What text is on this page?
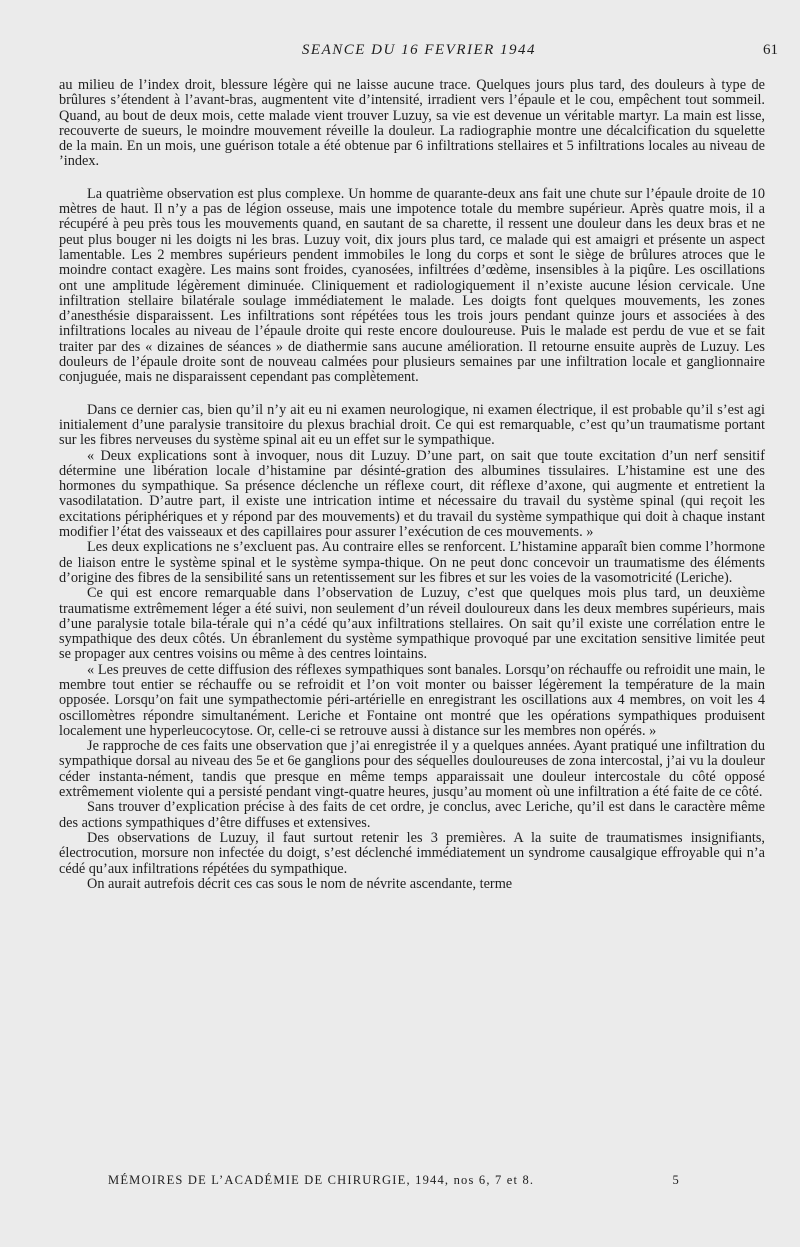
SEANCE DU 16 FEVRIER 1944	61

au milieu de l’index droit, blessure légère qui ne laisse aucune trace. Quelques jours plus tard, des douleurs à type de brûlures s’étendent à l’avant-bras, augmentent vite d’intensité, irradient vers l’épaule et le cou, empêchent tout sommeil. Quand, au bout de deux mois, cette malade vient trouver Luzuy, sa vie est devenue un véritable martyr. La main est lisse, recouverte de sueurs, le moindre mouvement réveille la douleur. La radiographie montre une décalcification du squelette de la main. En un mois, une guérison totale a été obtenue par 6 infiltrations stellaires et 5 infiltrations locales au niveau de ’index.

La quatrième observation est plus complexe. Un homme de quarante-deux ans fait une chute sur l’épaule droite de 10 mètres de haut. Il n’y a pas de légion osseuse, mais une impotence totale du membre supérieur. Après quatre mois, il a récupéré à peu près tous les mouvements quand, en sautant de sa charette, il ressent une douleur dans les deux bras et ne peut plus bouger ni les doigts ni les bras. Luzuy voit, dix jours plus tard, ce malade qui est amaigri et présente un aspect lamentable. Les 2 membres supérieurs pendent immobiles le long du corps et sont le siège de brûlures atroces que le moindre contact exagère. Les mains sont froides, cyanosées, infiltrées d’œdème, insensibles à la piqûre. Les oscillations ont une amplitude légèrement diminuée. Cliniquement et radiologiquement il n’existe aucune lésion cervicale. Une infiltration stellaire bilatérale soulage immédiatement le malade. Les doigts font quelques mouvements, les zones d’anesthésie disparaissent. Les infiltrations sont répétées tous les trois jours pendant quinze jours et associées à des infiltrations locales au niveau de l’épaule droite qui reste encore douloureuse. Puis le malade est perdu de vue et se fait traiter par des « dizaines de séances » de diathermie sans aucune amélioration. Il retourne ensuite auprès de Luzuy. Les douleurs de l’épaule droite sont de nouveau calmées pour plusieurs semaines par une infiltration locale et ganglionnaire conjuguée, mais ne disparaissent cependant pas complètement.

Dans ce dernier cas, bien qu’il n’y ait eu ni examen neurologique, ni examen électrique, il est probable qu’il s’est agi initialement d’une paralysie transitoire du plexus brachial droit. Ce qui est remarquable, c’est qu’un traumatisme portant sur les fibres nerveuses du système spinal ait eu un effet sur le sympathique.

« Deux explications sont à invoquer, nous dit Luzuy. D’une part, on sait que toute excitation d’un nerf sensitif détermine une libération locale d’histamine par désinté-gration des albumines tissulaires. L’histamine est une des hormones du sympathique. Sa présence déclenche un réflexe court, dit réflexe d’axone, qui augmente et entretient la vasodilatation. D’autre part, il existe une intrication intime et nécessaire du travail du système spinal (qui reçoit les excitations périphériques et y répond par des mouvements) et du travail du système sympathique qui doit à chaque instant modifier l’état des vaisseaux et des capillaires pour assurer l’exécution de ces mouvements. »

Les deux explications ne s’excluent pas. Au contraire elles se renforcent. L’histamine apparaît bien comme l’hormone de liaison entre le système spinal et le système sympa-thique. On ne peut donc concevoir un traumatisme des éléments d’origine des fibres de la sensibilité sans un retentissement sur les fibres et sur les voies de la vasomotricité (Leriche).

Ce qui est encore remarquable dans l’observation de Luzuy, c’est que quelques mois plus tard, un deuxième traumatisme extrêmement léger a été suivi, non seulement d’un réveil douloureux dans les deux membres supérieurs, mais d’une paralysie totale bila-térale qui n’a cédé qu’aux infiltrations stellaires. On sait qu’il existe une corrélation entre le sympathique des deux côtés. Un ébranlement du système sympathique provoqué par une excitation sensitive limitée peut se propager aux centres voisins ou même à des centres lointains.

« Les preuves de cette diffusion des réflexes sympathiques sont banales. Lorsqu’on réchauffe ou refroidit une main, le membre tout entier se réchauffe ou se refroidit et l’on voit monter ou baisser légèrement la température de la main opposée. Lorsqu’on fait une sympathectomie péri-artérielle en enregistrant les oscillations aux 4 membres, on voit les 4 oscillomètres répondre simultanément. Leriche et Fontaine ont montré que les opérations sympathiques produisent localement une hyperleucocytose. Or, celle-ci se retrouve aussi à distance sur les membres non opérés. »

Je rapproche de ces faits une observation que j’ai enregistrée il y a quelques années. Ayant pratiqué une infiltration du sympathique dorsal au niveau des 5e et 6e ganglions pour des séquelles douloureuses de zona intercostal, j’ai vu la douleur céder instanta-nément, tandis que presque en même temps apparaissait une douleur intercostale du côté opposé extrêmement violente qui a persisté pendant vingt-quatre heures, jusqu’au moment où une infiltration a été faite de ce côté.

Sans trouver d’explication précise à des faits de cet ordre, je conclus, avec Leriche, qu’il est dans le caractère même des actions sympathiques d’être diffuses et extensives.

Des observations de Luzuy, il faut surtout retenir les 3 premières. A la suite de traumatismes insignifiants, électrocution, morsure non infectée du doigt, s’est déclenché immédiatement un syndrome causalgique effroyable qui n’a cédé qu’aux infiltrations répétées du sympathique.

On aurait autrefois décrit ces cas sous le nom de névrite ascendante, terme

MÉMOIRES DE L’ACADÉMIE DE CHIRURGIE, 1944, nos 6, 7 et 8.	5
